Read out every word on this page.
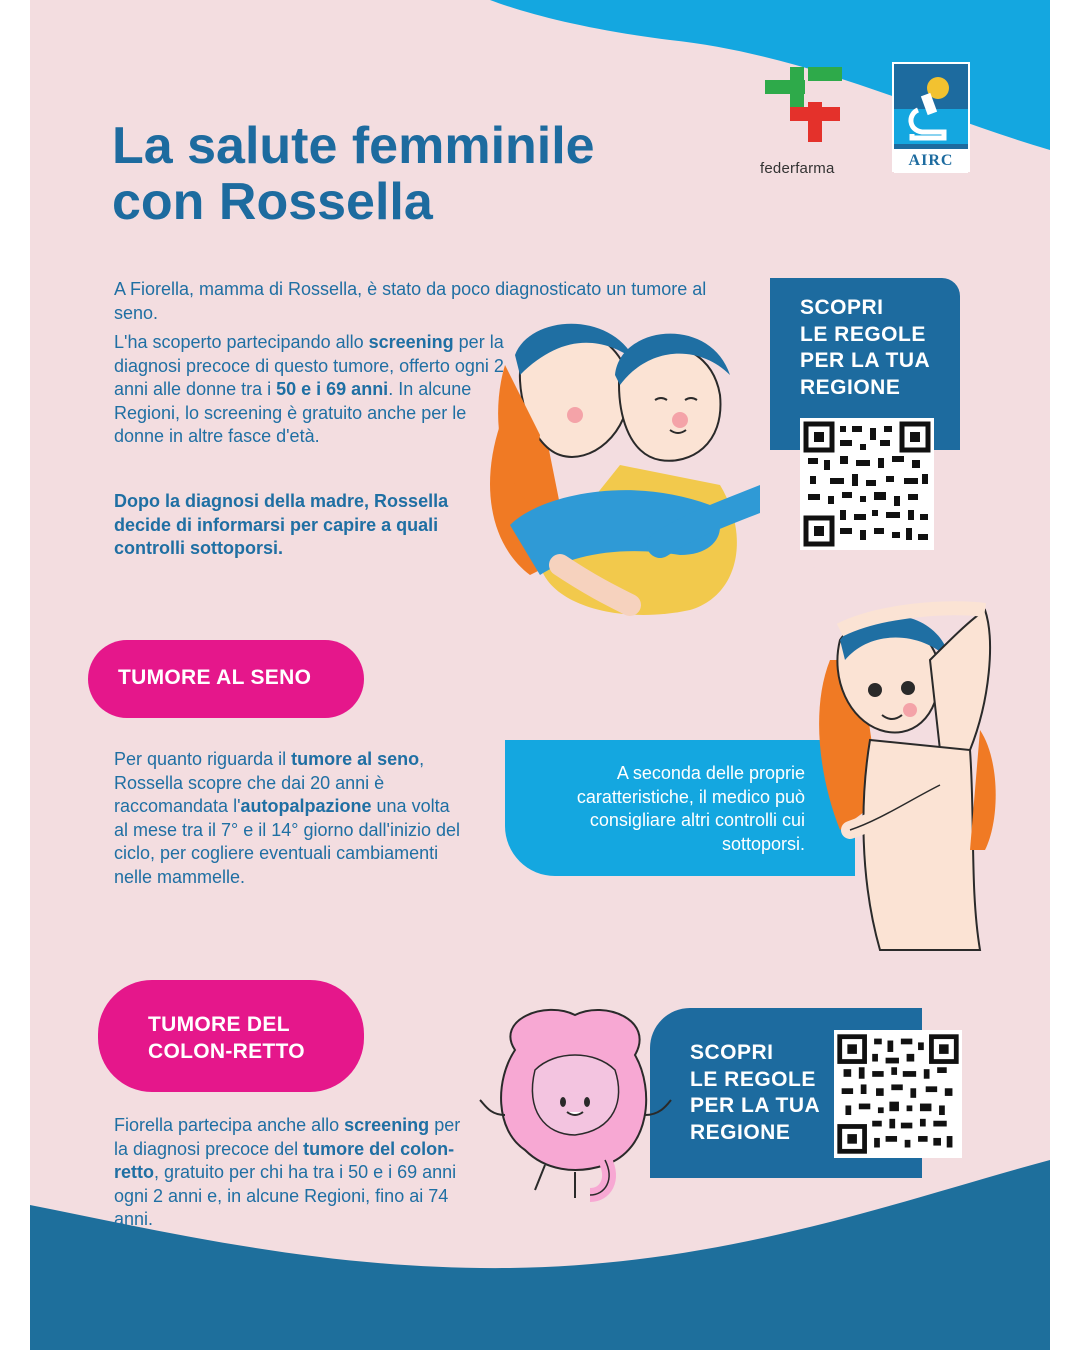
federfarma	AIRC
La salute femminile
con Rossella

A Fiorella, mamma di Rossella, è stato da poco diagnosticato un tumore al seno.

L'ha scoperto partecipando allo screening per la diagnosi precoce di questo tumore, offerto ogni 2 anni alle donne tra i 50 e i 69 anni. In alcune Regioni, lo screening è gratuito anche per le donne in altre fasce d'età.

Dopo la diagnosi della madre, Rossella decide di informarsi per capire a quali controlli sottoporsi.

SCOPRI
LE REGOLE
PER LA TUA
REGIONE
TUMORE AL SENO

Per quanto riguarda il tumore al seno, Rossella scopre che dai 20 anni è raccomandata l'autopalpazione una volta al mese tra il 7° e il 14° giorno dall'inizio del ciclo, per cogliere eventuali cambiamenti nelle mammelle.

A seconda delle proprie caratteristiche, il medico può consigliare altri controlli cui sottoporsi.
TUMORE DEL
COLON-RETTO

Fiorella partecipa anche allo screening per la diagnosi precoce del tumore del colon-retto, gratuito per chi ha tra i 50 e i 69 anni ogni 2 anni e, in alcune Regioni, fino ai 74 anni.

SCOPRI
LE REGOLE
PER LA TUA
REGIONE
